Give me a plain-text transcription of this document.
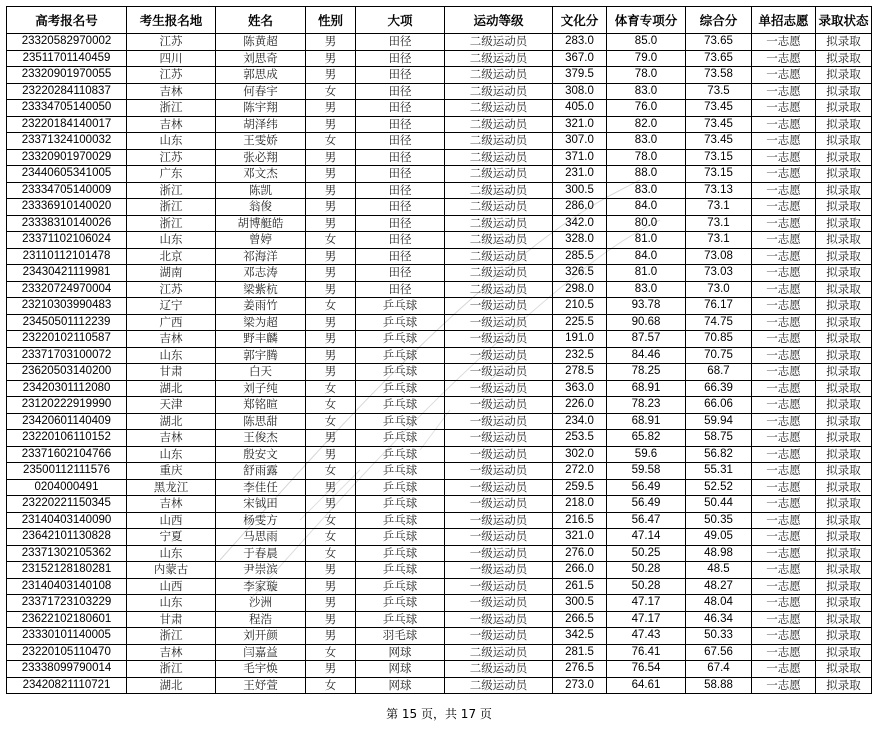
高考报名号	考生报名地	姓名	性别	大项	运动等级	文化分	体育专项分	综合分	单招志愿	录取状态
23320582970002	江苏	陈黄超	男	田径	二级运动员	283.0	85.0	73.65	一志愿	拟录取
23511701140459	四川	刘思奇	男	田径	二级运动员	367.0	79.0	73.65	一志愿	拟录取
23320901970055	江苏	郭思成	男	田径	二级运动员	379.5	78.0	73.58	一志愿	拟录取
23220284110837	吉林	何春宇	女	田径	二级运动员	308.0	83.0	73.5	一志愿	拟录取
23334705140050	浙江	陈宇翔	男	田径	二级运动员	405.0	76.0	73.45	一志愿	拟录取
23220184140017	吉林	胡泽纬	男	田径	二级运动员	321.0	82.0	73.45	一志愿	拟录取
23371324100032	山东	王雯娇	女	田径	二级运动员	307.0	83.0	73.45	一志愿	拟录取
23320901970029	江苏	张必翔	男	田径	二级运动员	371.0	78.0	73.15	一志愿	拟录取
23440605341005	广东	邓文杰	男	田径	二级运动员	231.0	88.0	73.15	一志愿	拟录取
23334705140009	浙江	陈凯	男	田径	二级运动员	300.5	83.0	73.13	一志愿	拟录取
23336910140020	浙江	翁俊	男	田径	二级运动员	286.0	84.0	73.1	一志愿	拟录取
23338310140026	浙江	胡博艇皓	男	田径	二级运动员	342.0	80.0	73.1	一志愿	拟录取
23371102106024	山东	曾婷	女	田径	二级运动员	328.0	81.0	73.1	一志愿	拟录取
23110112101478	北京	祁海洋	男	田径	二级运动员	285.5	84.0	73.08	一志愿	拟录取
23430421119981	湖南	邓志涛	男	田径	二级运动员	326.5	81.0	73.03	一志愿	拟录取
23320724970004	江苏	梁紫杭	男	田径	二级运动员	298.0	83.0	73.0	一志愿	拟录取
23210303990483	辽宁	姜雨竹	女	乒乓球	一级运动员	210.5	93.78	76.17	一志愿	拟录取
23450501112239	广西	梁为超	男	乒乓球	一级运动员	225.5	90.68	74.75	一志愿	拟录取
23220102110587	吉林	野丰麟	男	乒乓球	一级运动员	191.0	87.57	70.85	一志愿	拟录取
23371703100072	山东	郭宇腾	男	乒乓球	一级运动员	232.5	84.46	70.75	一志愿	拟录取
23620503140200	甘肃	白天	男	乒乓球	一级运动员	278.5	78.25	68.7	一志愿	拟录取
23420301112080	湖北	刘子纯	女	乒乓球	一级运动员	363.0	68.91	66.39	一志愿	拟录取
23120222919990	天津	郑铭暄	女	乒乓球	一级运动员	226.0	78.23	66.06	一志愿	拟录取
23420601140409	湖北	陈思甜	女	乒乓球	一级运动员	234.0	68.91	59.94	一志愿	拟录取
23220106110152	吉林	王俊杰	男	乒乓球	一级运动员	253.5	65.82	58.75	一志愿	拟录取
23371602104766	山东	殷安文	男	乒乓球	一级运动员	302.0	59.6	56.82	一志愿	拟录取
23500112111576	重庆	舒雨露	女	乒乓球	一级运动员	272.0	59.58	55.31	一志愿	拟录取
0204000491	黑龙江	李佳任	男	乒乓球	一级运动员	259.5	56.49	52.52	一志愿	拟录取
23220221150345	吉林	宋钺田	男	乒乓球	一级运动员	218.0	56.49	50.44	一志愿	拟录取
23140403140090	山西	杨雯方	女	乒乓球	一级运动员	216.5	56.47	50.35	一志愿	拟录取
23642101130828	宁夏	马思雨	女	乒乓球	一级运动员	321.0	47.14	49.05	一志愿	拟录取
23371302105362	山东	于春晨	女	乒乓球	一级运动员	276.0	50.25	48.98	一志愿	拟录取
23152128180281	内蒙古	尹崇滨	男	乒乓球	一级运动员	266.0	50.28	48.5	一志愿	拟录取
23140403140108	山西	李家璇	男	乒乓球	一级运动员	261.5	50.28	48.27	一志愿	拟录取
23371723103229	山东	沙洲	男	乒乓球	一级运动员	300.5	47.17	48.04	一志愿	拟录取
23622102180601	甘肃	程浩	男	乒乓球	一级运动员	266.5	47.17	46.34	一志愿	拟录取
23330101140005	浙江	刘开颜	男	羽毛球	一级运动员	342.5	47.43	50.33	一志愿	拟录取
23220105110470	吉林	闫嘉益	女	网球	二级运动员	281.5	76.41	67.56	一志愿	拟录取
23338099790014	浙江	毛宇焕	男	网球	二级运动员	276.5	76.54	67.4	一志愿	拟录取
23420821110721	湖北	王妤萱	女	网球	二级运动员	273.0	64.61	58.88	一志愿	拟录取
第 15 页，共 17 页
